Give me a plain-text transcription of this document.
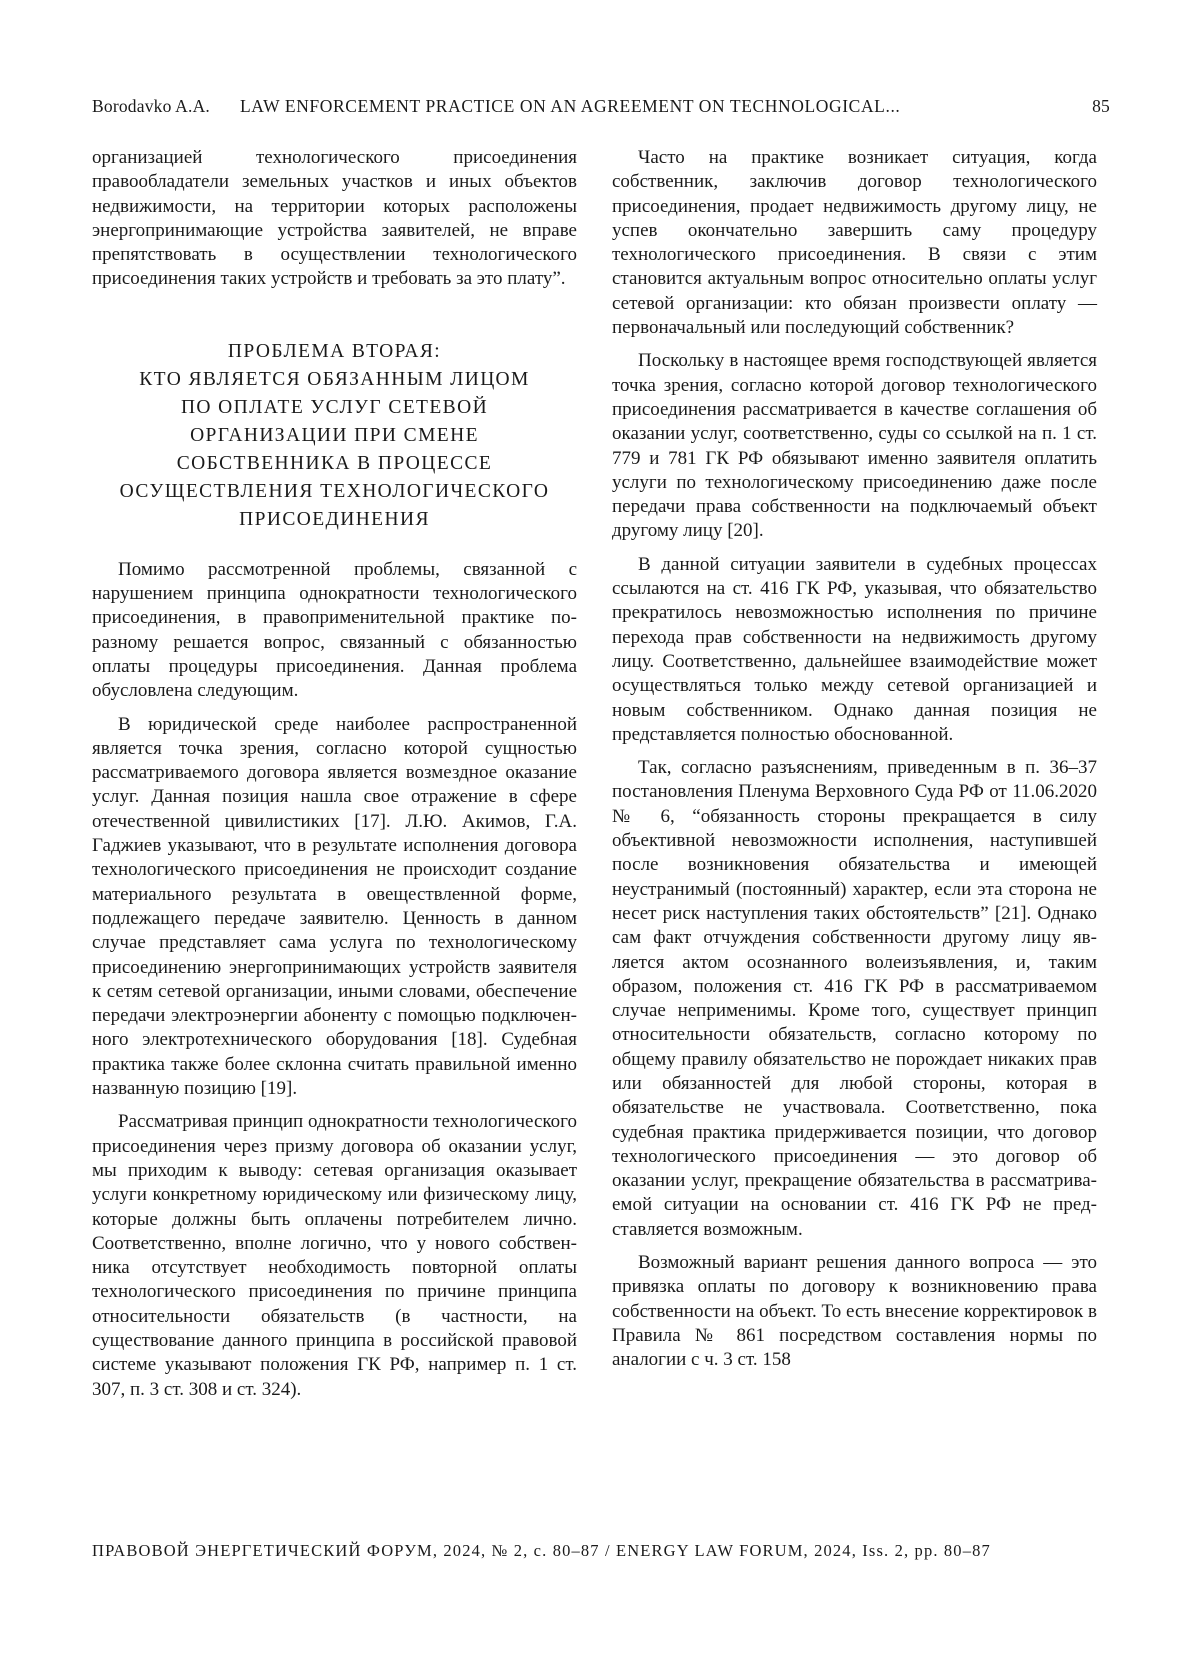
Borodavko A.A. LAW ENFORCEMENT PRACTICE ON AN AGREEMENT ON TECHNOLOGICAL...	85

организацией технологического присоединения правообладатели земельных участков и иных объектов недвижимости, на территории которых расположены энергопринимающие устройства заявителей, не вправе препятствовать в осуществлении технологического присоединения таких устройств и требовать за это плату”.

ПРОБЛЕМА ВТОРАЯ:
КТО ЯВЛЯЕТСЯ ОБЯЗАННЫМ ЛИЦОМ
ПО ОПЛАТЕ УСЛУГ СЕТЕВОЙ
ОРГАНИЗАЦИИ ПРИ СМЕНЕ
СОБСТВЕННИКА В ПРОЦЕССЕ
ОСУЩЕСТВЛЕНИЯ ТЕХНОЛОГИЧЕСКОГО
ПРИСОЕДИНЕНИЯ

Помимо рассмотренной проблемы, связанной с нарушением принципа однократности технологического присоединения, в правоприменительной практике по-разному решается вопрос, связанный с обязанностью оплаты процедуры присоединения. Данная проблема обусловлена следующим.

В юридической среде наиболее распространенной является точка зрения, согласно которой сущностью рассматриваемого договора является возмездное оказание услуг. Данная позиция нашла свое отражение в сфере отечественной цивилистиких [17]. Л.Ю. Акимов, Г.А. Гаджиев указывают, что в результате исполнения договора технологического присоединения не происходит создание материального результата в овеществленной форме, подлежащего передаче заявителю. Ценность в данном случае представляет сама услуга по технологическому присоединению энергопринимающих устройств заявителя к сетям сетевой организации, иными словами, обеспечение передачи электроэнергии абоненту с помощью подключенного электротехнического оборудования [18]. Судебная практика также более склонна считать правильной именно названную позицию [19].

Рассматривая принцип однократности технологического присоединения через призму договора об оказании услуг, мы приходим к выводу: сетевая организация оказывает услуги конкретному юридическому или физическому лицу, которые должны быть оплачены потребителем лично. Соответственно, вполне логично, что у нового собственника отсутствует необходимость повторной оплаты технологического присоединения по причине принципа относительности обязательств (в частности, на существование данного принципа в российской правовой системе указывают положения ГК РФ, например п. 1 ст. 307, п. 3 ст. 308 и ст. 324).

Часто на практике возникает ситуация, когда собственник, заключив договор технологического присоединения, продает недвижимость другому лицу, не успев окончательно завершить саму процедуру технологического присоединения. В связи с этим становится актуальным вопрос относительно оплаты услуг сетевой организации: кто обязан произвести оплату — первоначальный или последующий собственник?

Поскольку в настоящее время господствующей является точка зрения, согласно которой договор технологического присоединения рассматривается в качестве соглашения об оказании услуг, соответственно, суды со ссылкой на п. 1 ст. 779 и 781 ГК РФ обязывают именно заявителя оплатить услуги по технологическому присоединению даже после передачи права собственности на подключаемый объект другому лицу [20].

В данной ситуации заявители в судебных процессах ссылаются на ст. 416 ГК РФ, указывая, что обязательство прекратилось невозможностью исполнения по причине перехода прав собственности на недвижимость другому лицу. Соответственно, дальнейшее взаимодействие может осуществляться только между сетевой организацией и новым собственником. Однако данная позиция не представляется полностью обоснованной.

Так, согласно разъяснениям, приведенным в п. 36–37 постановления Пленума Верховного Суда РФ от 11.06.2020 № 6, “обязанность стороны прекращается в силу объективной невозможности исполнения, наступившей после возникновения обязательства и имеющей неустранимый (постоянный) характер, если эта сторона не несет риск наступления таких обстоятельств” [21]. Однако сам факт отчуждения собственности другому лицу является актом осознанного волеизъявления, и, таким образом, положения ст. 416 ГК РФ в рассматриваемом случае неприменимы. Кроме того, существует принцип относительности обязательств, согласно которому по общему правилу обязательство не порождает никаких прав или обязанностей для любой стороны, которая в обязательстве не участвовала. Соответственно, пока судебная практика придерживается позиции, что договор технологического присоединения — это договор об оказании услуг, прекращение обязательства в рассматриваемой ситуации на основании ст. 416 ГК РФ не представляется возможным.

Возможный вариант решения данного вопроса — это привязка оплаты по договору к возникновению права собственности на объект. То есть внесение корректировок в Правила № 861 посредством составления нормы по аналогии с ч. 3 ст. 158

ПРАВОВОЙ ЭНЕРГЕТИЧЕСКИЙ ФОРУМ, 2024, № 2, с. 80–87 / ENERGY LAW FORUM, 2024, Iss. 2, pp. 80–87
